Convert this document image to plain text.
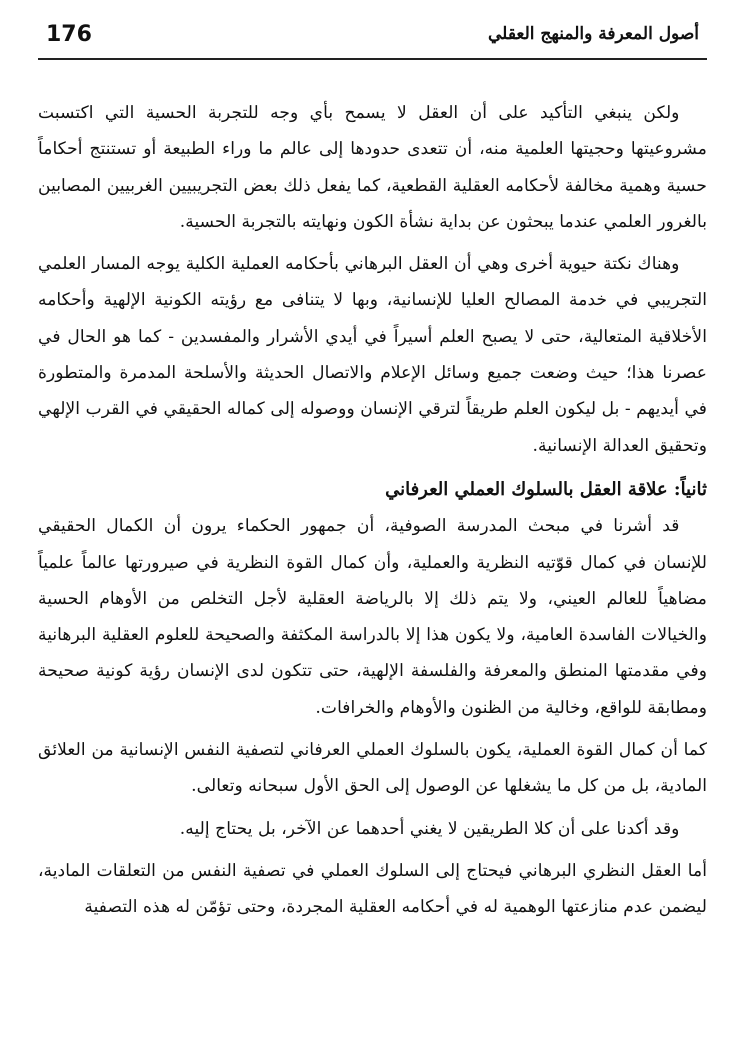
176	أصول المعرفة والمنهج العقلي

ولكن ينبغي التأكيد على أن العقل لا يسمح بأي وجه للتجربة الحسية التي اكتسبت مشروعيتها وحجيتها العلمية منه، أن تتعدى حدودها إلى عالم ما وراء الطبيعة أو تستنتج أحكاماً حسية وهمية مخالفة لأحكامه العقلية القطعية، كما يفعل ذلك بعض التجريبيين الغربيين المصابين بالغرور العلمي عندما يبحثون عن بداية نشأة الكون ونهايته بالتجربة الحسية.

وهناك نكتة حيوية أخرى وهي أن العقل البرهاني بأحكامه العملية الكلية يوجه المسار العلمي التجريبي في خدمة المصالح العليا للإنسانية، وبها لا يتنافى مع رؤيته الكونية الإلهية وأحكامه الأخلاقية المتعالية، حتى لا يصبح العلم أسيراً في أيدي الأشرار والمفسدين - كما هو الحال في عصرنا هذا؛ حيث وضعت جميع وسائل الإعلام والاتصال الحديثة والأسلحة المدمرة والمتطورة في أيديهم - بل ليكون العلم طريقاً لترقي الإنسان ووصوله إلى كماله الحقيقي في القرب الإلهي وتحقيق العدالة الإنسانية.

ثانياً: علاقة العقل بالسلوك العملي العرفاني

قد أشرنا في مبحث المدرسة الصوفية، أن جمهور الحكماء يرون أن الكمال الحقيقي للإنسان في كمال قوّتيه النظرية والعملية، وأن كمال القوة النظرية في صيرورتها عالماً علمياً مضاهياً للعالم العيني، ولا يتم ذلك إلا بالرياضة العقلية لأجل التخلص من الأوهام الحسية والخيالات الفاسدة العامية، ولا يكون هذا إلا بالدراسة المكثفة والصحيحة للعلوم العقلية البرهانية وفي مقدمتها المنطق والمعرفة والفلسفة الإلهية، حتى تتكون لدى الإنسان رؤية كونية صحيحة ومطابقة للواقع، وخالية من الظنون والأوهام والخرافات.

كما أن كمال القوة العملية، يكون بالسلوك العملي العرفاني لتصفية النفس الإنسانية من العلائق المادية، بل من كل ما يشغلها عن الوصول إلى الحق الأول سبحانه وتعالى.

وقد أكدنا على أن كلا الطريقين لا يغني أحدهما عن الآخر، بل يحتاج إليه.

أما العقل النظري البرهاني فيحتاج إلى السلوك العملي في تصفية النفس من التعلقات المادية، ليضمن عدم منازعتها الوهمية له في أحكامه العقلية المجردة، وحتى تؤمّن له هذه التصفية
